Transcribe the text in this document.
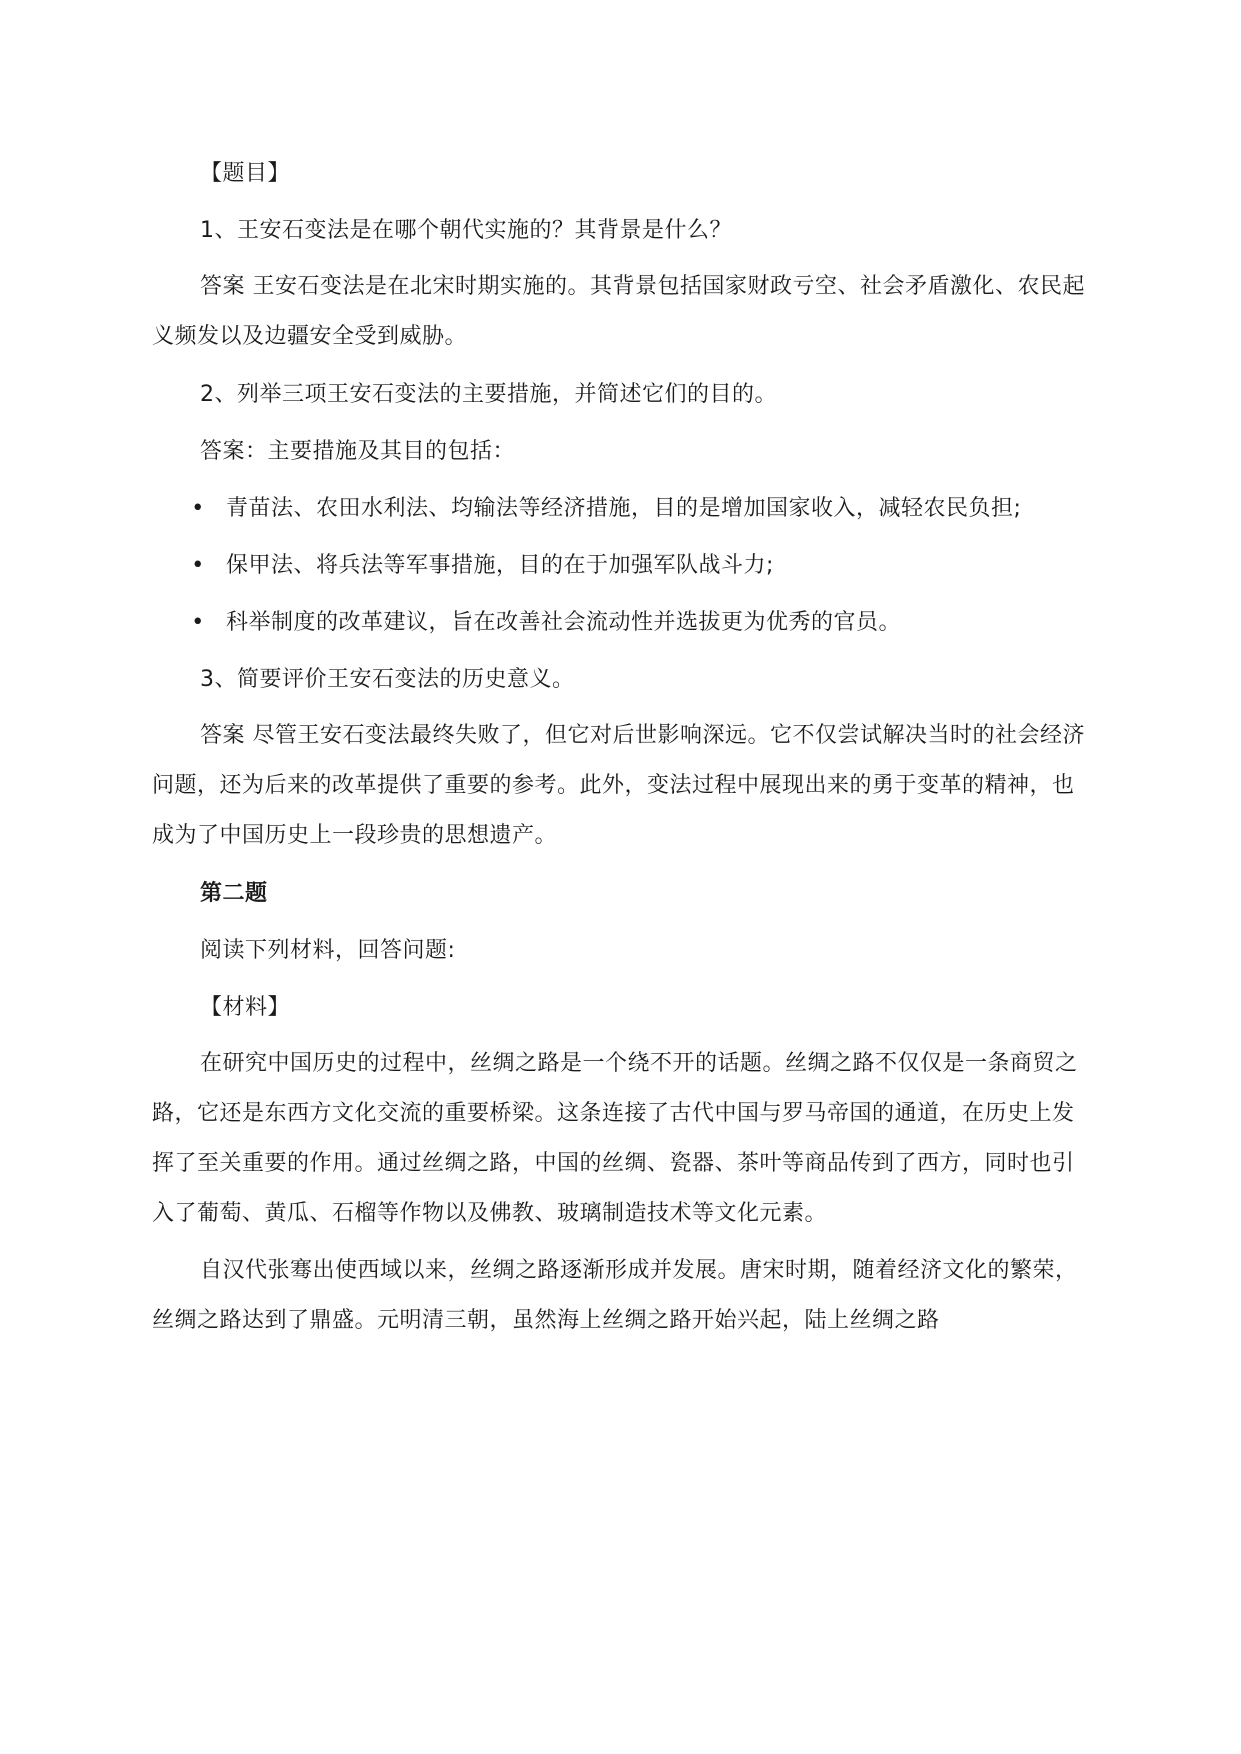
【题目】

1、王安石变法是在哪个朝代实施的？其背景是什么？

答案 王安石变法是在北宋时期实施的。其背景包括国家财政亏空、社会矛盾激化、农民起义频发以及边疆安全受到威胁。

2、列举三项王安石变法的主要措施，并简述它们的目的。

答案：主要措施及其目的包括：

• 青苗法、农田水利法、均输法等经济措施，目的是增加国家收入，减轻农民负担;
• 保甲法、将兵法等军事措施，目的在于加强军队战斗力;
• 科举制度的改革建议，旨在改善社会流动性并选拔更为优秀的官员。

3、简要评价王安石变法的历史意义。

答案 尽管王安石变法最终失败了，但它对后世影响深远。它不仅尝试解决当时的社会经济问题，还为后来的改革提供了重要的参考。此外，变法过程中展现出来的勇于变革的精神，也成为了中国历史上一段珍贵的思想遗产。

第二题

阅读下列材料，回答问题:

【材料】

在研究中国历史的过程中，丝绸之路是一个绕不开的话题。丝绸之路不仅仅是一条商贸之路，它还是东西方文化交流的重要桥梁。这条连接了古代中国与罗马帝国的通道，在历史上发挥了至关重要的作用。通过丝绸之路，中国的丝绸、瓷器、茶叶等商品传到了西方，同时也引入了葡萄、黄瓜、石榴等作物以及佛教、玻璃制造技术等文化元素。

自汉代张骞出使西域以来，丝绸之路逐渐形成并发展。唐宋时期，随着经济文化的繁荣，丝绸之路达到了鼎盛。元明清三朝，虽然海上丝绸之路开始兴起，陆上丝绸之路
